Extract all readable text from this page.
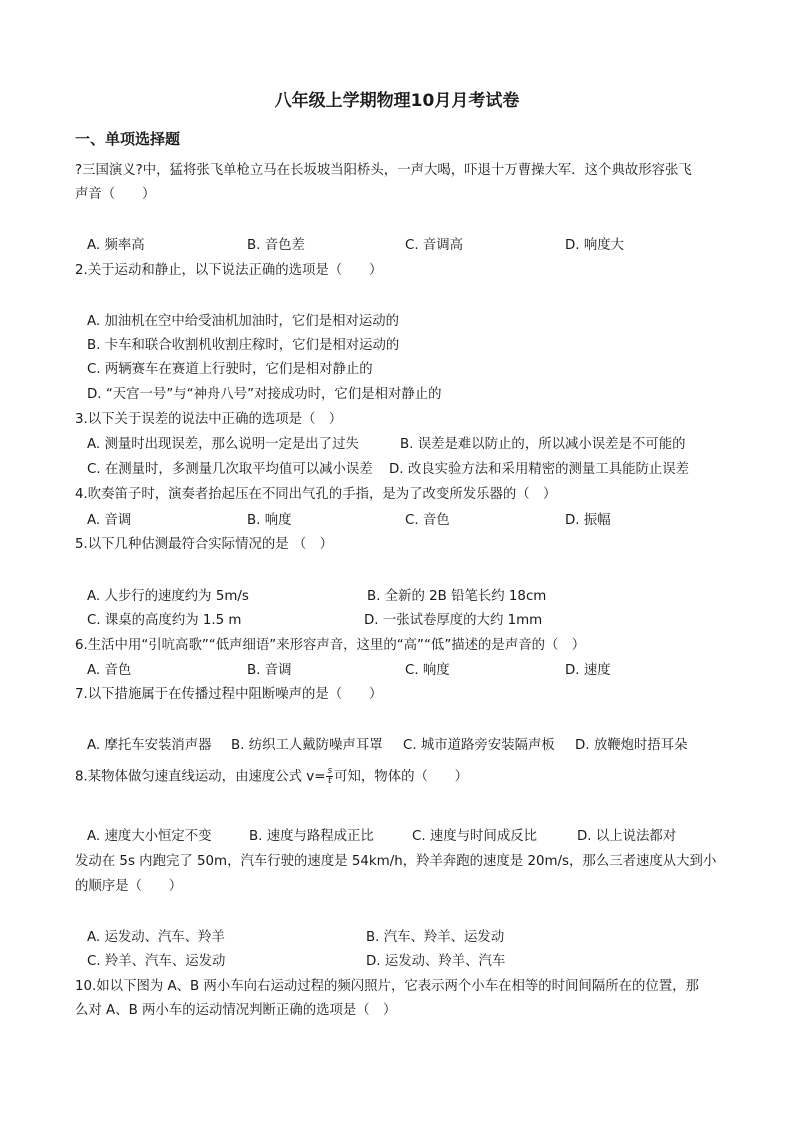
八年级上学期物理10月月考试卷
一、单项选择题
?三国演义?中，猛将张飞单枪立马在长坂坡当阳桥头，一声大喝，吓退十万曹操大军．这个典故形容张飞
声音（　　）
A. 频率高	B. 音色差	C. 音调高	D. 响度大
2.关于运动和静止，以下说法正确的选项是（　　）
A. 加油机在空中给受油机加油时，它们是相对运动的
B. 卡车和联合收割机收割庄稼时，它们是相对运动的
C. 两辆赛车在赛道上行驶时，它们是相对静止的
D. “天宫一号”与“神舟八号”对接成功时，它们是相对静止的
3.以下关于误差的说法中正确的选项是（　）
A. 测量时出现误差，那么说明一定是出了过失	B. 误差是难以防止的，所以减小误差是不可能的
C. 在测量时，多测量几次取平均值可以减小误差 D. 改良实验方法和采用精密的测量工具能防止误差
4.吹奏笛子时，演奏者抬起压在不同出气孔的手指，是为了改变所发乐器的（　）
A. 音调	B. 响度	C. 音色	D. 振幅
5.以下几种估测最符合实际情况的是 （　）
A. 人步行的速度约为 5m/s	B. 全新的 2B 铅笔长约 18cm
C. 课桌的高度约为 1.5 m	D. 一张试卷厚度的大约 1mm
6.生活中用“引吭高歌”“低声细语”来形容声音，这里的“高”“低”描述的是声音的（　）
A. 音色	B. 音调	C. 响度	D. 速度
7.以下措施属于在传播过程中阻断噪声的是（　　）
A. 摩托车安装消声器 B. 纺织工人戴防噪声耳罩 C. 城市道路旁安装隔声板 D. 放鞭炮时捂耳朵
8.某物体做匀速直线运动，由速度公式 $v= \frac{s}{t}$ 可知，物体的（　　）
A. 速度大小恒定不变	B. 速度与路程成正比	C. 速度与时间成反比	D. 以上说法都对
发动在 5s 内跑完了 50m，汽车行驶的速度是 54km/h，羚羊奔跑的速度是 20m/s，那么三者速度从大到小
的顺序是（　　）
A. 运发动、汽车、羚羊	B. 汽车、羚羊、运发动
C. 羚羊、汽车、运发动	D. 运发动、羚羊、汽车
10.如以下图为 A、B 两小车向右运动过程的频闪照片，它表示两个小车在相等的时间间隔所在的位置，那
么对 A、B 两小车的运动情况判断正确的选项是（　）
